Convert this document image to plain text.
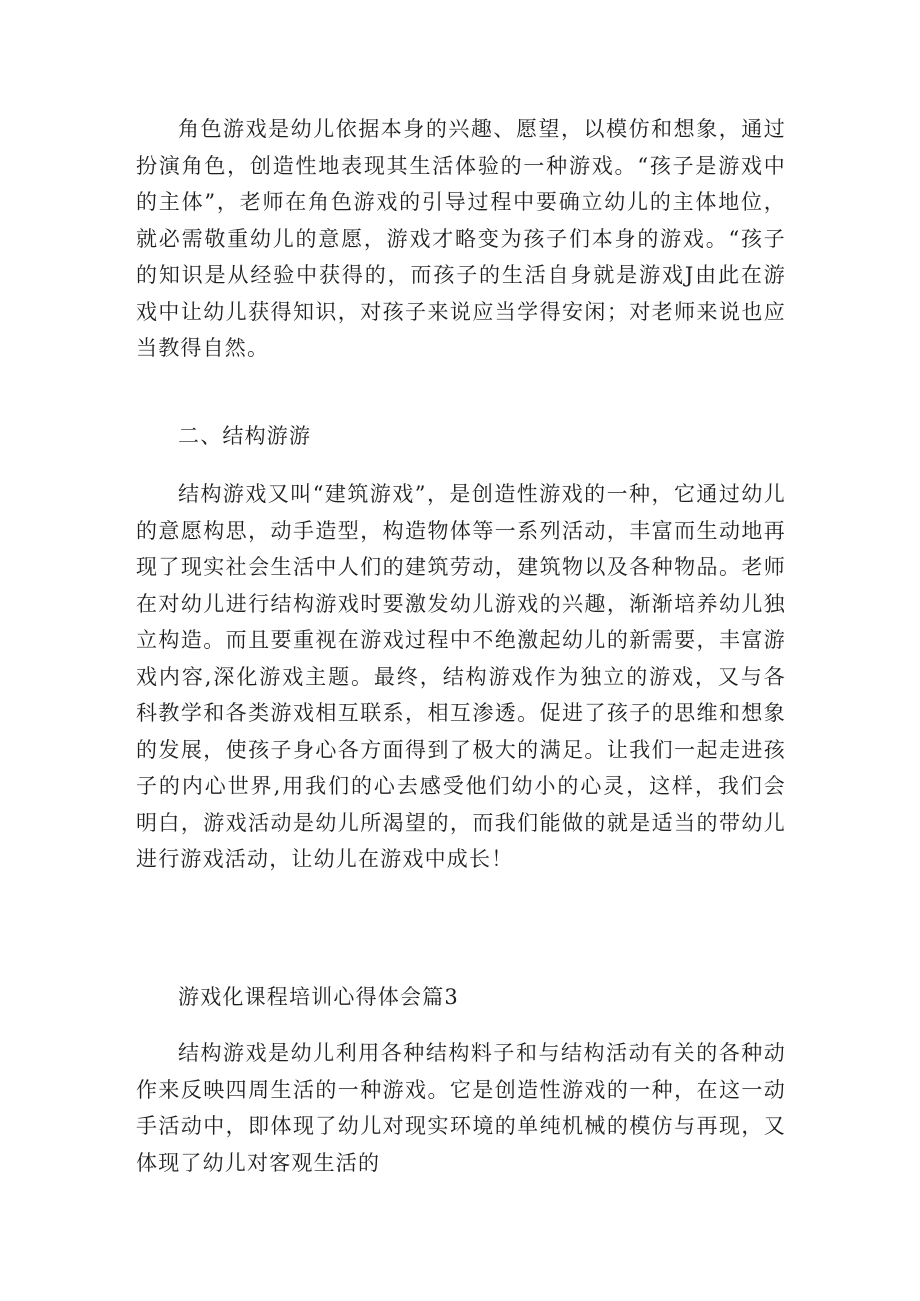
角色游戏是幼儿依据本身的兴趣、愿望，以模仿和想象，通过扮演角色，创造性地表现其生活体验的一种游戏。“孩子是游戏中的主体”，老师在角色游戏的引导过程中要确立幼儿的主体地位，就必需敬重幼儿的意愿，游戏才略变为孩子们本身的游戏。“孩子的知识是从经验中获得的，而孩子的生活自身就是游戏J由此在游戏中让幼儿获得知识，对孩子来说应当学得安闲；对老师来说也应当教得自然。

二、结构游游

结构游戏又叫“建筑游戏”，是创造性游戏的一种，它通过幼儿的意愿构思，动手造型，构造物体等一系列活动，丰富而生动地再现了现实社会生活中人们的建筑劳动，建筑物以及各种物品。老师在对幼儿进行结构游戏时要激发幼儿游戏的兴趣，渐渐培养幼儿独立构造。而且要重视在游戏过程中不绝激起幼儿的新需要，丰富游戏内容,深化游戏主题。最终，结构游戏作为独立的游戏，又与各科教学和各类游戏相互联系，相互渗透。促进了孩子的思维和想象的发展，使孩子身心各方面得到了极大的满足。让我们一起走进孩子的内心世界,用我们的心去感受他们幼小的心灵，这样，我们会明白，游戏活动是幼儿所渴望的，而我们能做的就是适当的带幼儿进行游戏活动，让幼儿在游戏中成长！

游戏化课程培训心得体会篇3

结构游戏是幼儿利用各种结构料子和与结构活动有关的各种动作来反映四周生活的一种游戏。它是创造性游戏的一种，在这一动手活动中，即体现了幼儿对现实环境的单纯机械的模仿与再现，又体现了幼儿对客观生活的
